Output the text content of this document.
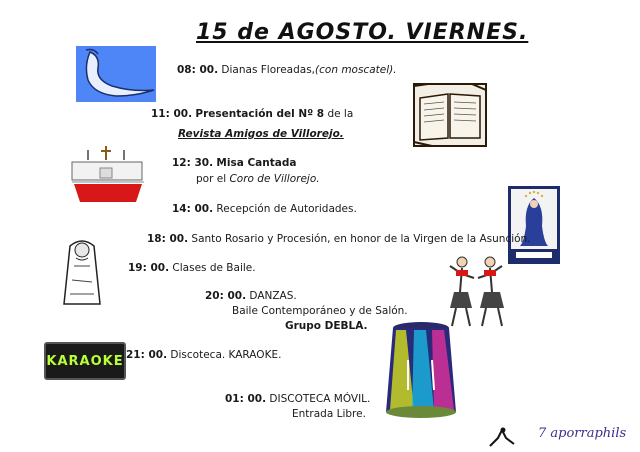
15 de AGOSTO. VIERNES.
KARAOKE
08: 00. Dianas Floreadas,(con moscatel).
11: 00. Presentación del Nº 8 de la
Revista Amigos de Villorejo.
12: 30. Misa Cantada
por el Coro de Villorejo.
14: 00. Recepción de Autoridades.
18: 00. Santo Rosario y Procesión, en honor de la Virgen de la Asunción.
19: 00. Clases de Baile.
20: 00. DANZAS.
Baile Contemporáneo y de Salón.
Grupo DEBLA.
21: 00. Discoteca. KARAOKE.
01: 00. DISCOTECA MÓVIL.
Entrada Libre.
7 aporraphils
